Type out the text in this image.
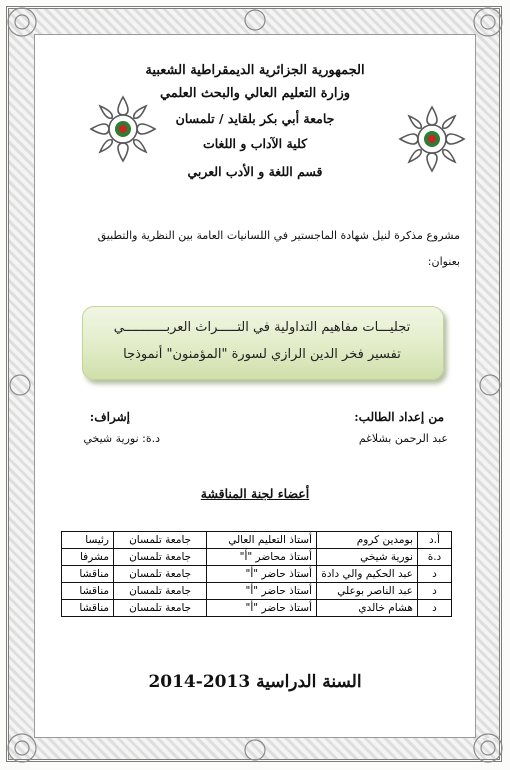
الجمهورية الجزائرية الديمقراطية الشعبية
وزارة التعليم العالي والبحث العلمي
جامعة أبي بكر بلقايد / تلمسان
كلية الآداب و اللغات
قسم اللغة و الأدب العربي
مشروع مذكرة لنيل شهادة الماجستير في اللسانيات العامة بين النظرية والتطبيق
بعنوان:
تجليـــات مفاهيم التداولية في التـــــراث العربـــــــــــي
تفسير فخر الدين الرازي لسورة "المؤمنون" أنموذجا
من إعداد الطالب:
عبد الرحمن بشلاغم
إشراف:
د.ة: نورية شيخي
أعضاء لجنة المناقشة
أ.د	بومدين كروم	أستاذ التعليم العالي	جامعة تلمسان	رئيسا
د.ة	نورية شيخي	أستاذ محاضر "أ"	جامعة تلمسان	مشرفا
د	عبد الحكيم والي دادة	أستاذ حاضر "أ"	جامعة تلمسان	مناقشا
د	عبد الناصر بوعلي	أستاذ حاضر "أ"	جامعة تلمسان	مناقشا
د	هشام خالدي	أستاذ حاضر "أ"	جامعة تلمسان	مناقشا
السنة الدراسية 2013-2014
